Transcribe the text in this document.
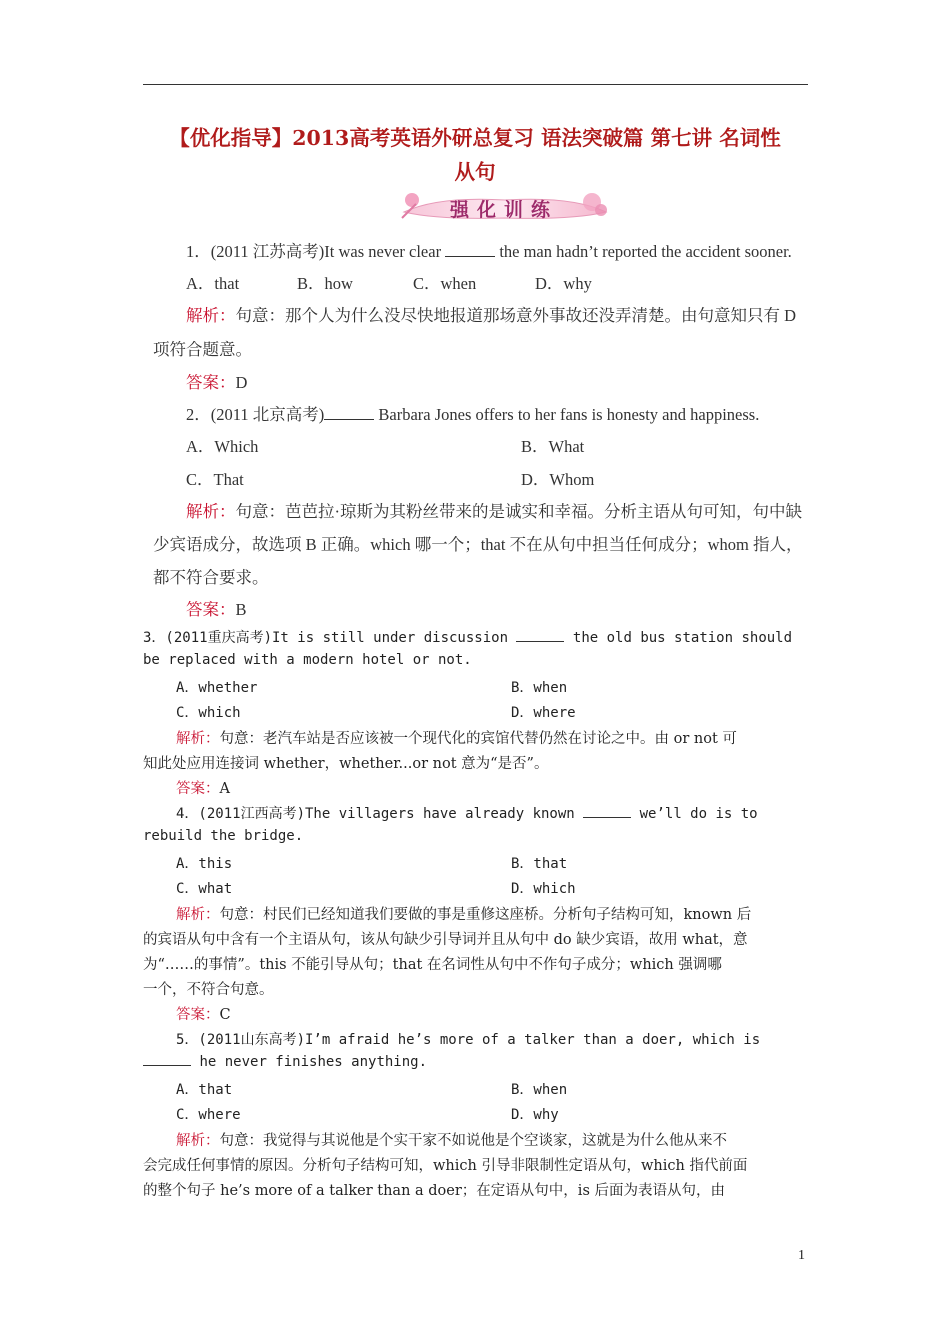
【优化指导】2013高考英语外研总复习 语法突破篇 第七讲 名词性
从句
强化训练
1．(2011 江苏高考)It was never clear	the man hadn’t reported the accident sooner.
A．that	B．how	C．when	D．why
解析：句意：那个人为什么没尽快地报道那场意外事故还没弄清楚。由句意知只有 D
项符合题意。
答案：D
2．(2011 北京高考)	Barbara Jones offers to her fans is honesty and happiness.
A．Which	B．What
C．That	D．Whom
解析：句意：芭芭拉·琼斯为其粉丝带来的是诚实和幸福。分析主语从句可知，句中缺
少宾语成分，故选项 B 正确。which 哪一个；that 不在从句中担当任何成分；whom 指人，
都不符合要求。
答案：B
3．(2011重庆高考)It is still under discussion	the old bus station should
be replaced with a modern hotel or not.
A．whether	B．when
C．which	D．where
解析：句意：老汽车站是否应该被一个现代化的宾馆代替仍然在讨论之中。由 or not 可
知此处应用连接词 whether，whether...or not 意为“是否”。
答案：A
4．(2011江西高考)The villagers have already known	we’ll do is to
rebuild the bridge.
A．this	B．that
C．what	D．which
解析：句意：村民们已经知道我们要做的事是重修这座桥。分析句子结构可知，known 后
的宾语从句中含有一个主语从句，该从句缺少引导词并且从句中 do 缺少宾语，故用 what，意
为“……的事情”。this 不能引导从句；that 在名词性从句中不作句子成分；which 强调哪
一个，不符合句意。
答案：C
5．(2011山东高考)I’m afraid he’s more of a talker than a doer, which is
he never finishes anything.
A．that	B．when
C．where	D．why
解析：句意：我觉得与其说他是个实干家不如说他是个空谈家，这就是为什么他从来不
会完成任何事情的原因。分析句子结构可知，which 引导非限制性定语从句，which 指代前面
的整个句子 he’s more of a talker than a doer；在定语从句中，is 后面为表语从句，由
1
